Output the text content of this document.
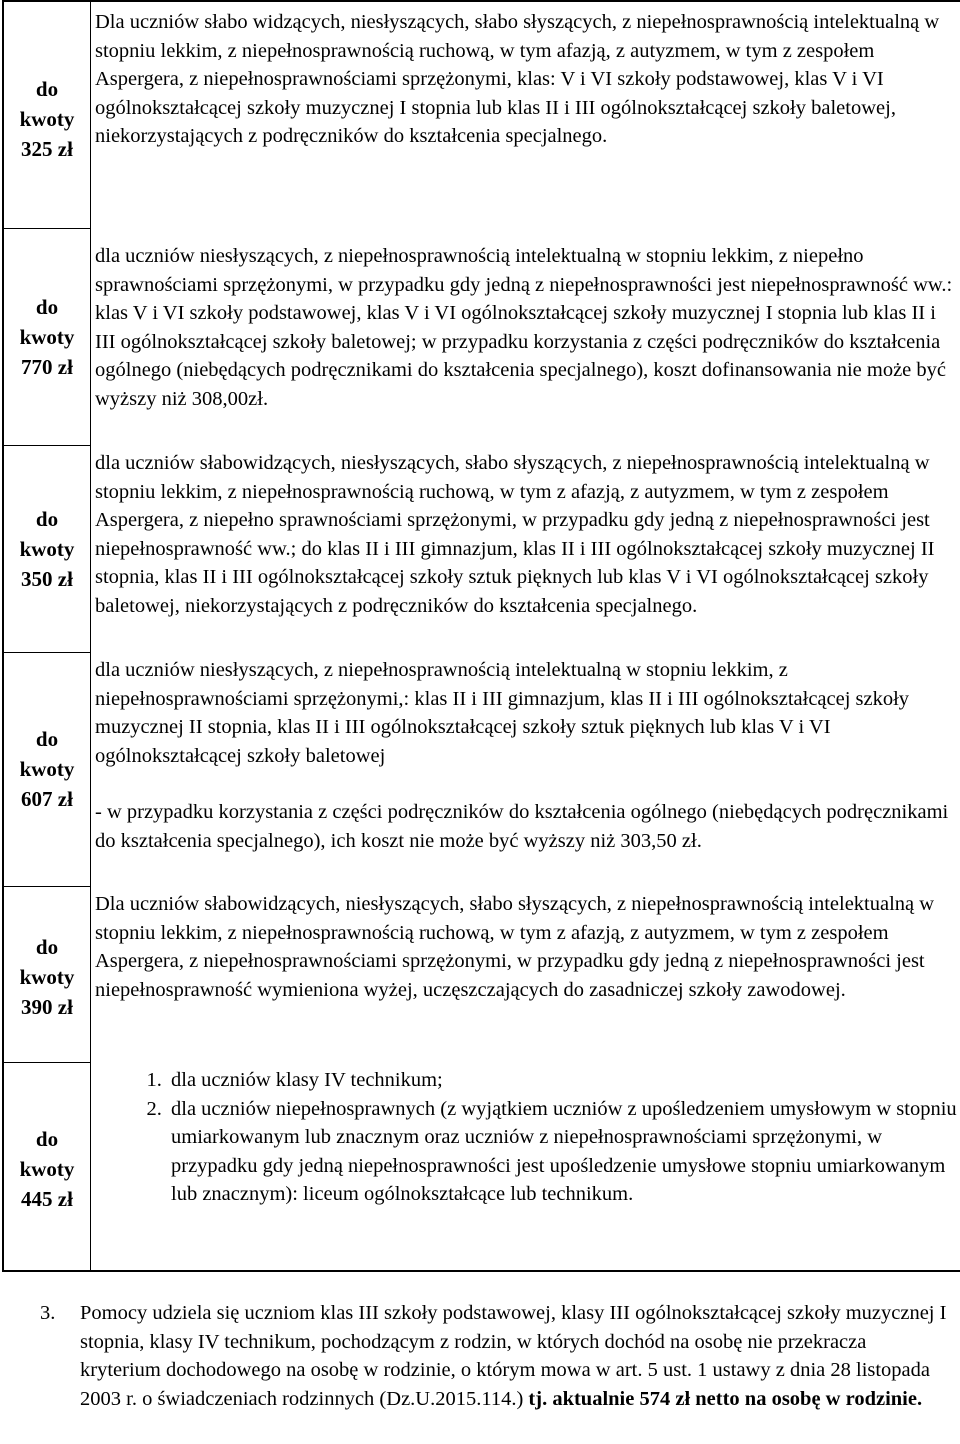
do
kwoty
325 zł

Dla uczniów słabo widzących, niesłyszących, słabo słyszących, z niepełnosprawnością intelektualną w stopniu lekkim, z niepełnosprawnością ruchową, w tym afazją, z autyzmem, w tym z zespołem Aspergera, z niepełnosprawnościami sprzężonymi, klas: V i VI szkoły podstawowej, klas V i VI ogólnokształcącej szkoły muzycznej I stopnia lub klas II i III ogólnokształcącej szkoły baletowej, niekorzystających z podręczników do kształcenia specjalnego.

do
kwoty
770 zł

dla uczniów niesłyszących, z niepełnosprawnością intelektualną w stopniu lekkim, z niepełno sprawnościami sprzężonymi, w przypadku gdy jedną z niepełnosprawności jest niepełnosprawność ww.: klas V i VI szkoły podstawowej, klas V i VI ogólnokształcącej szkoły muzycznej I stopnia lub klas II i III ogólnokształcącej szkoły baletowej; w przypadku korzystania z części podręczników do kształcenia ogólnego (niebędących podręcznikami do kształcenia specjalnego), koszt dofinansowania nie może być wyższy niż 308,00zł.

do
kwoty
350 zł

dla uczniów słabowidzących, niesłyszących, słabo słyszących, z niepełnosprawnością intelektualną w stopniu lekkim, z niepełnosprawnością ruchową, w tym z afazją, z autyzmem, w tym z zespołem Aspergera, z niepełno sprawnościami sprzężonymi, w przypadku gdy jedną z niepełnosprawności jest niepełnosprawność ww.; do klas II i III gimnazjum, klas II i III ogólnokształcącej szkoły muzycznej II stopnia, klas II i III ogólnokształcącej szkoły sztuk pięknych lub klas V i VI ogólnokształcącej szkoły baletowej, niekorzystających z podręczników do kształcenia specjalnego.

do
kwoty
607 zł

dla uczniów niesłyszących, z niepełnosprawnością intelektualną w stopniu lekkim, z niepełnosprawnościami sprzężonymi,: klas II i III gimnazjum, klas II i III ogólnokształcącej szkoły muzycznej II stopnia, klas II i III ogólnokształcącej szkoły sztuk pięknych lub klas V i VI ogólnokształcącej szkoły baletowej

- w przypadku korzystania z części podręczników do kształcenia ogólnego (niebędących podręcznikami do kształcenia specjalnego), ich koszt nie może być wyższy niż 303,50 zł.

do
kwoty
390 zł

Dla uczniów słabowidzących, niesłyszących, słabo słyszących, z niepełnosprawnością intelektualną w stopniu lekkim, z niepełnosprawnością ruchową, w tym z afazją, z autyzmem, w tym z zespołem Aspergera, z niepełnosprawnościami sprzężonymi, w przypadku gdy jedną z niepełnosprawności jest niepełnosprawność wymieniona wyżej, uczęszczających do zasadniczej szkoły zawodowej.

do
kwoty
445 zł
1. dla uczniów klasy IV technikum;
2. dla uczniów niepełnosprawnych (z wyjątkiem uczniów z upośledzeniem umysłowym w stopniu umiarkowanym lub znacznym oraz uczniów z niepełnosprawnościami sprzężonymi, w przypadku gdy jedną niepełnosprawności jest upośledzenie umysłowe stopniu umiarkowanym lub znacznym): liceum ogólnokształcące lub technikum.
3. Pomocy udziela się uczniom klas III szkoły podstawowej, klasy III ogólnokształcącej szkoły muzycznej I stopnia, klasy IV technikum, pochodzącym z rodzin, w których dochód na osobę nie przekracza kryterium dochodowego na osobę w rodzinie, o którym mowa w art. 5 ust. 1 ustawy z dnia 28 listopada 2003 r. o świadczeniach rodzinnych (Dz.U.2015.114.) tj. aktualnie 574 zł netto na osobę w rodzinie.
